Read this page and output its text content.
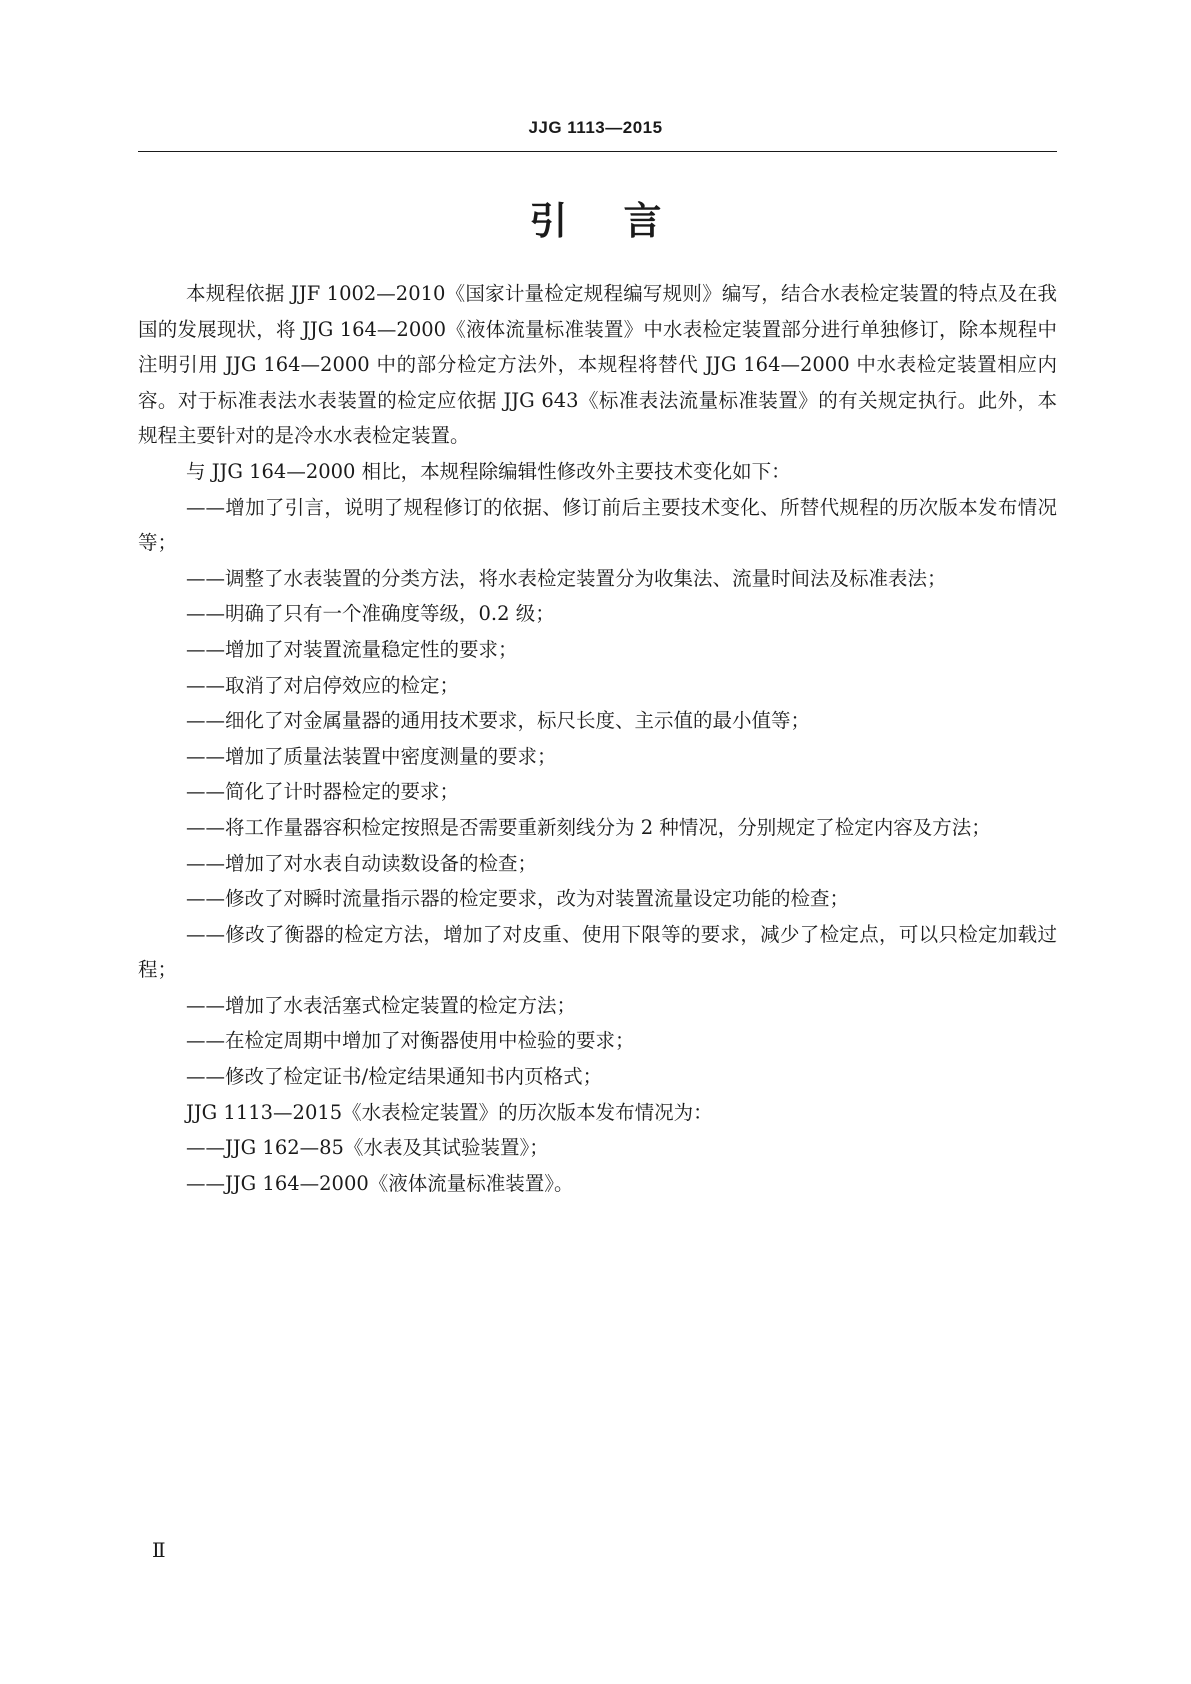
JJG 1113—2015
引言

本规程依据 JJF 1002—2010《国家计量检定规程编写规则》编写，结合水表检定装置的特点及在我国的发展现状，将 JJG 164—2000《液体流量标准装置》中水表检定装置部分进行单独修订，除本规程中注明引用 JJG 164—2000 中的部分检定方法外，本规程将替代 JJG 164—2000 中水表检定装置相应内容。对于标准表法水表装置的检定应依据 JJG 643《标准表法流量标准装置》的有关规定执行。此外，本规程主要针对的是冷水水表检定装置。

与 JJG 164—2000 相比，本规程除编辑性修改外主要技术变化如下：

——增加了引言，说明了规程修订的依据、修订前后主要技术变化、所替代规程的历次版本发布情况等；

——调整了水表装置的分类方法，将水表检定装置分为收集法、流量时间法及标准表法；

——明确了只有一个准确度等级，0.2 级；

——增加了对装置流量稳定性的要求；

——取消了对启停效应的检定；

——细化了对金属量器的通用技术要求，标尺长度、主示值的最小值等；

——增加了质量法装置中密度测量的要求；

——简化了计时器检定的要求；

——将工作量器容积检定按照是否需要重新刻线分为 2 种情况，分别规定了检定内容及方法；

——增加了对水表自动读数设备的检查；

——修改了对瞬时流量指示器的检定要求，改为对装置流量设定功能的检查；

——修改了衡器的检定方法，增加了对皮重、使用下限等的要求，减少了检定点，可以只检定加载过程；

——增加了水表活塞式检定装置的检定方法；

——在检定周期中增加了对衡器使用中检验的要求；

——修改了检定证书/检定结果通知书内页格式；

JJG 1113—2015《水表检定装置》的历次版本发布情况为：

——JJG 162—85《水表及其试验装置》；

——JJG 164—2000《液体流量标准装置》。

Ⅱ
